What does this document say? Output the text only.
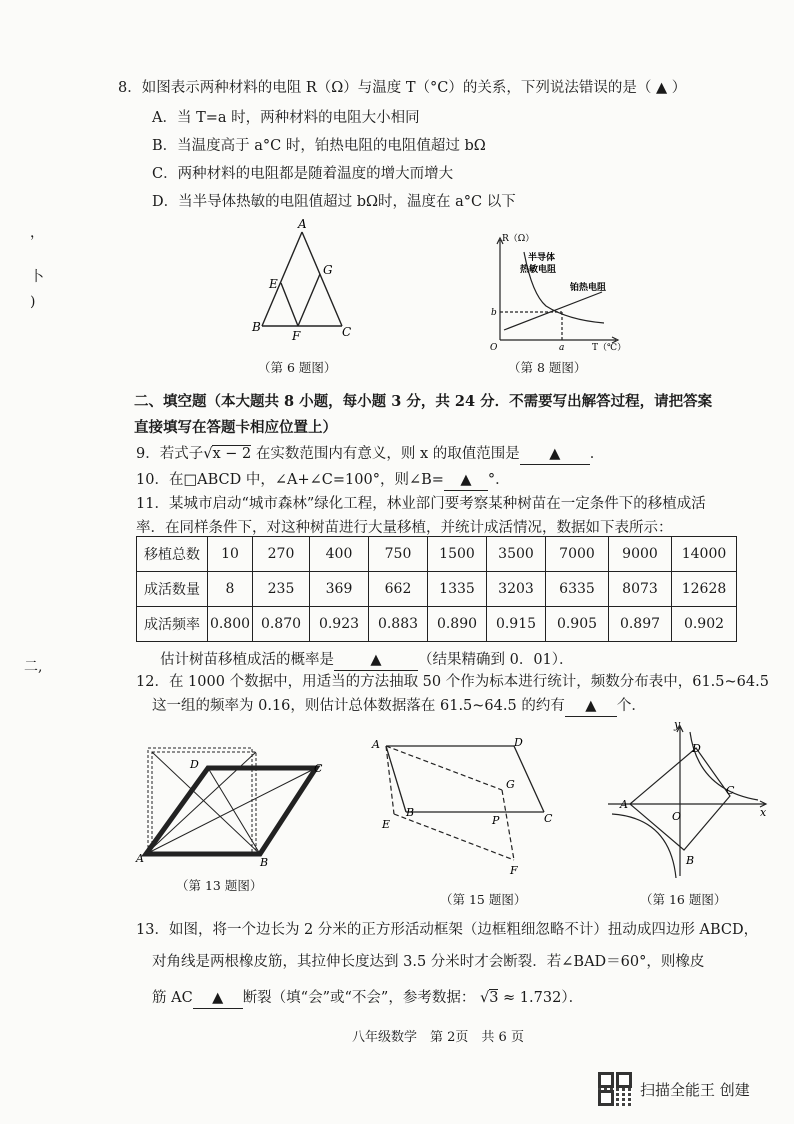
，
卜
)
二,
8．如图表示两种材料的电阻 R（Ω）与温度 T（°C）的关系，下列说法错误的是（ ▲ ）
A．当 T=a 时，两种材料的电阻大小相同
B．当温度高于 a°C 时，铂热电阻的电阻值超过 bΩ
C．两种材料的电阻都是随着温度的增大而增大
D．当半导体热敏的电阻值超过 bΩ时，温度在 a°C 以下
A
B	C
E
F
G
（第 6 题图）
R（Ω）
半导体
热敏电阻
铂热电阻
b
a
O	T（℃）
（第 8 题图）
二、填空题（本大题共 8 小题，每小题 3 分，共 24 分．不需要写出解答过程，请把答案
直接填写在答题卡相应位置上）
9．若式子√x − 2 在实数范围内有意义，则 x 的取值范围是 ▲ ．
10．在□ABCD 中，∠A+∠C=100°，则∠B= ▲ °．
11．某城市启动“城市森林”绿化工程，林业部门要考察某种树苗在一定条件下的移植成活
率．在同样条件下，对这种树苗进行大量移植，并统计成活情况，数据如下表所示：
移植总数	10	270	400	750	1500	3500	7000	9000	14000
成活数量	8	235	369	662	1335	3203	6335	8073	12628
成活频率	0.800	0.870	0.923	0.883	0.890	0.915	0.905	0.897	0.902
估计树苗移植成活的概率是	▲	（结果精确到 0．01）．
12．在 1000 个数据中，用适当的方法抽取 50 个作为标本进行统计，频数分布表中，61.5~64.5
这一组的频率为 0.16，则估计总体数据落在 61.5~64.5 的约有 ▲ 个．
A	B
C
D
（第 13 题图）
A
B	C
D
E
F
G
P
（第 15 题图）
A
B
C
D
O	x
y
（第 16 题图）
13．如图，将一个边长为 2 分米的正方形活动框架（边框粗细忽略不计）扭动成四边形 ABCD，
对角线是两根橡皮筋，其拉伸长度达到 3.5 分米时才会断裂．若∠BAD＝60°，则橡皮
筋 AC ▲ 断裂（填“会”或“不会”，参考数据： √3 ≈ 1.732）．
八年级数学　第 2页　共 6 页
扫描全能王 创建
